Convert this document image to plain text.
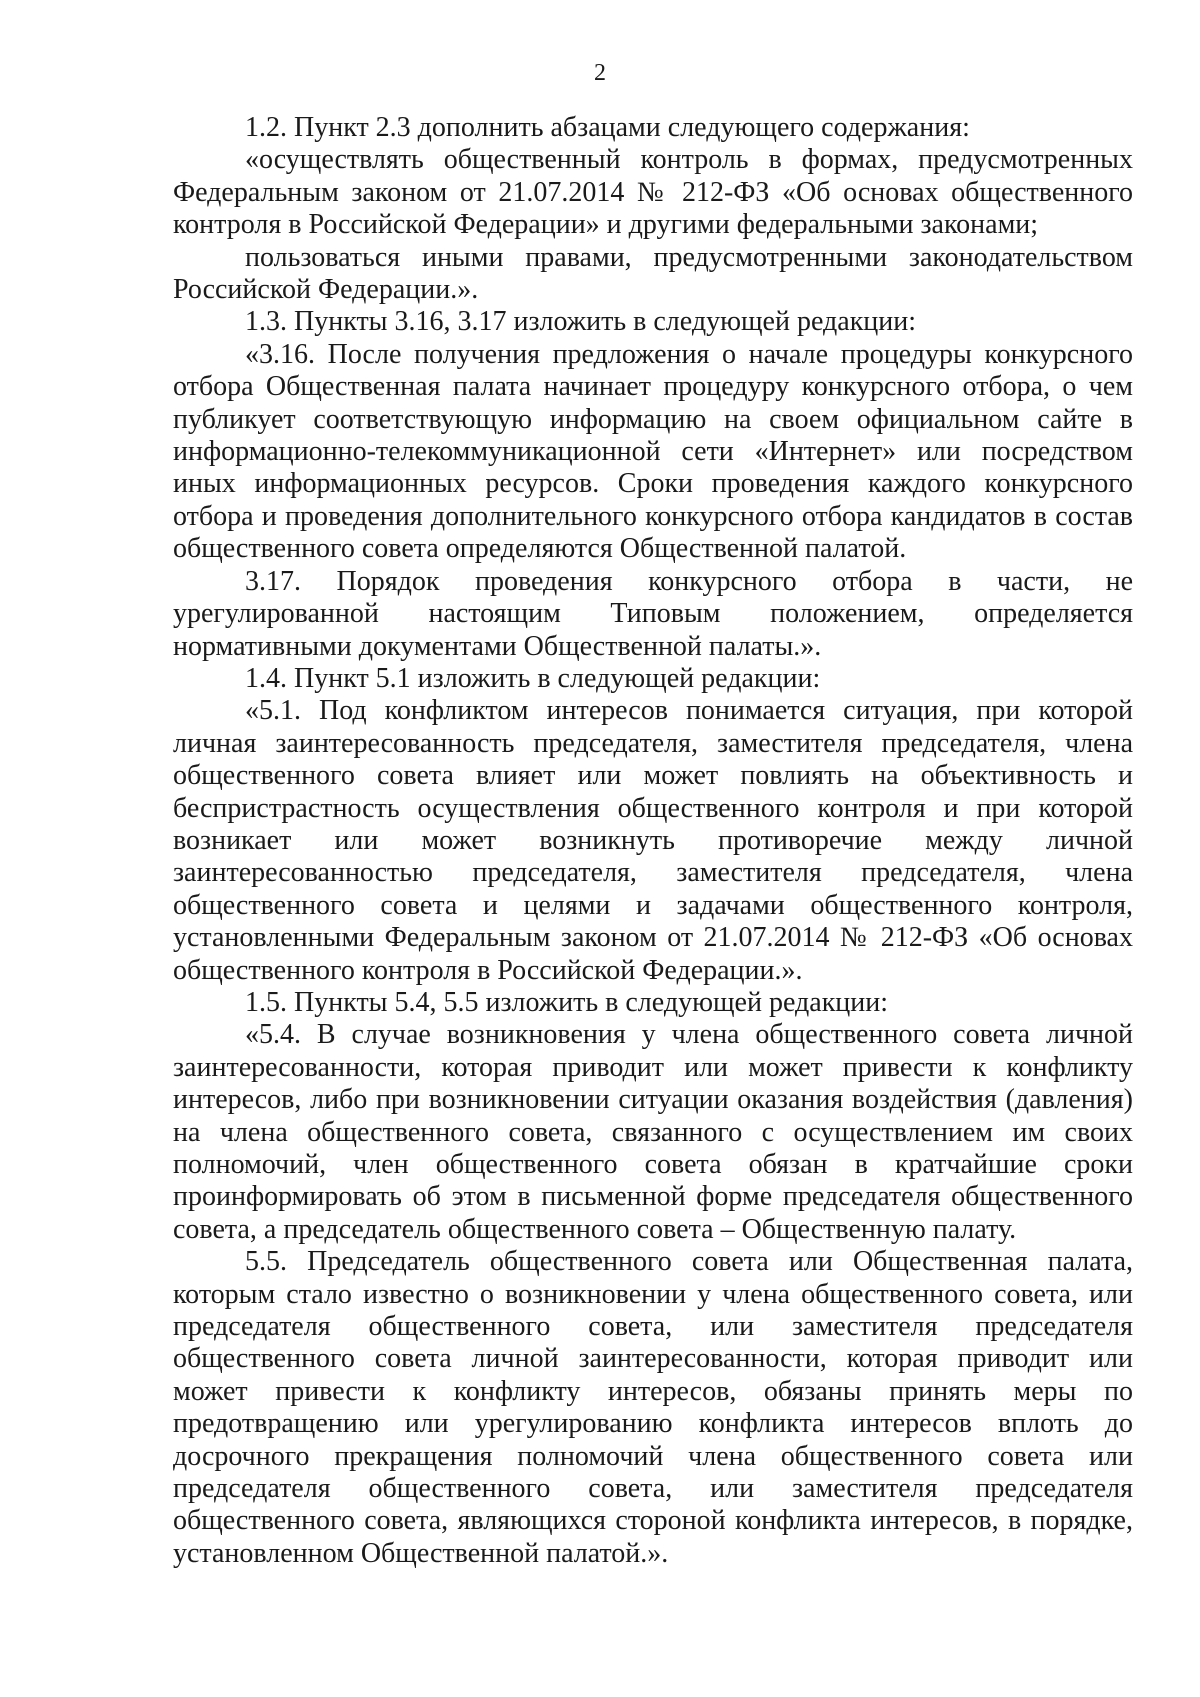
2

1.2. Пункт 2.3 дополнить абзацами следующего содержания:

«осуществлять общественный контроль в формах, предусмотренных Федеральным законом от 21.07.2014 № 212-ФЗ «Об основах общественного контроля в Российской Федерации» и другими федеральными законами;

пользоваться иными правами, предусмотренными законодательством Российской Федерации.».

1.3. Пункты 3.16, 3.17 изложить в следующей редакции:

«3.16. После получения предложения о начале процедуры конкурсного отбора Общественная палата начинает процедуру конкурсного отбора, о чем публикует соответствующую информацию на своем официальном сайте в информационно-телекоммуникационной сети «Интернет» или посредством иных информационных ресурсов. Сроки проведения каждого конкурсного отбора и проведения дополнительного конкурсного отбора кандидатов в состав общественного совета определяются Общественной палатой.

3.17. Порядок проведения конкурсного отбора в части, не урегулированной настоящим Типовым положением, определяется нормативными документами Общественной палаты.».

1.4. Пункт 5.1 изложить в следующей редакции:

«5.1. Под конфликтом интересов понимается ситуация, при которой личная заинтересованность председателя, заместителя председателя, члена общественного совета влияет или может повлиять на объективность и беспристрастность осуществления общественного контроля и при которой возникает или может возникнуть противоречие между личной заинтересованностью председателя, заместителя председателя, члена общественного совета и целями и задачами общественного контроля, установленными Федеральным законом от 21.07.2014 № 212-ФЗ «Об основах общественного контроля в Российской Федерации.».

1.5. Пункты 5.4, 5.5 изложить в следующей редакции:

«5.4. В случае возникновения у члена общественного совета личной заинтересованности, которая приводит или может привести к конфликту интересов, либо при возникновении ситуации оказания воздействия (давления) на члена общественного совета, связанного с осуществлением им своих полномочий, член общественного совета обязан в кратчайшие сроки проинформировать об этом в письменной форме председателя общественного совета, а председатель общественного совета – Общественную палату.

5.5. Председатель общественного совета или Общественная палата, которым стало известно о возникновении у члена общественного совета, или председателя общественного совета, или заместителя председателя общественного совета личной заинтересованности, которая приводит или может привести к конфликту интересов, обязаны принять меры по предотвращению или урегулированию конфликта интересов вплоть до досрочного прекращения полномочий члена общественного совета или председателя общественного совета, или заместителя председателя общественного совета, являющихся стороной конфликта интересов, в порядке, установленном Общественной палатой.».
